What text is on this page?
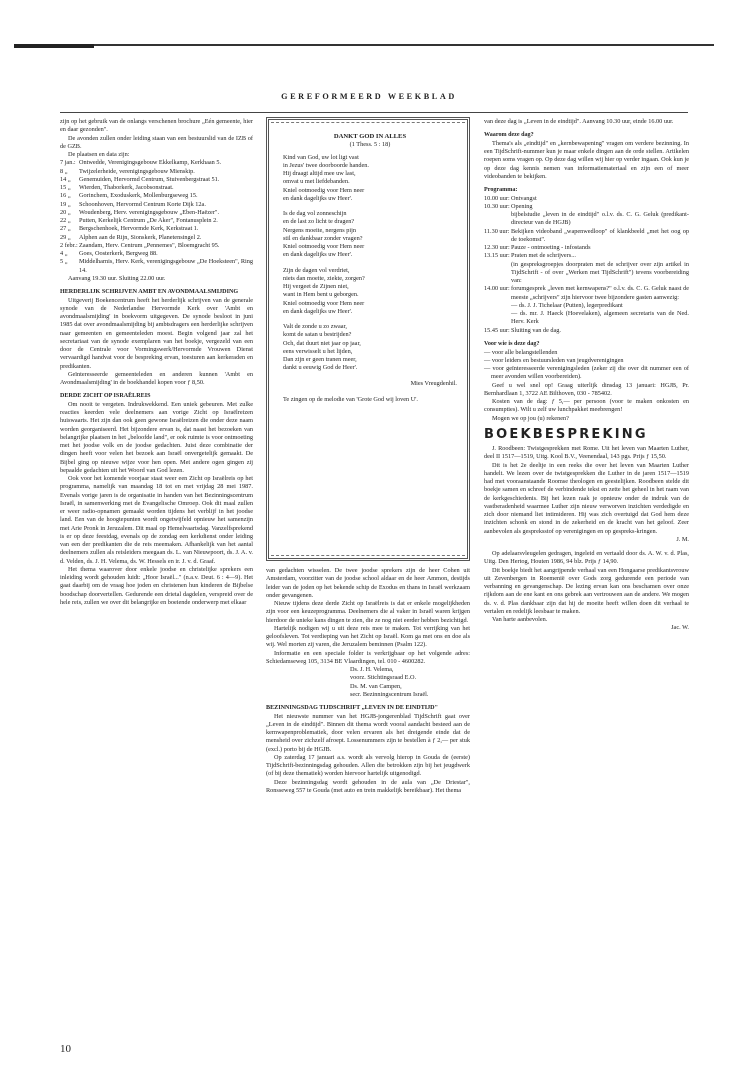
GEREFORMEERD WEEKBLAD

zijn op het gebruik van de onlangs verschenen brochure „Eén gemeente, hier en daar gezonden".

De avonden zullen onder leiding staan van een bestuurslid van de IZB of de GZB.

De plaatsen en data zijn:

7 jan.: Ontwedde, Verenigingsgebouw Ekkelkamp, Kerkhaan 5.
8 „	Twijzelerheide, verenigingsgebouw Mienskip.
14 „	Genemuiden, Hervormd Centrum, Stuivenbergstraat 51.
15 „	Wierden, Thaborkerk, Jacobsonstraat.
16 „	Gorinchem, Exoduskerk, Mollenburgseweg 15.
19 „	Schoonhoven, Hervormd Centrum Korte Dijk 12a.
20 „	Woudenberg, Herv. verenigingsgebouw „Eben-Haëzer".
22 „	Putten, Kerkelijk Centrum „De Aker", Fontanusplein 2.
27 „	Bergschenhoek, Hervormde Kerk, Kerkstraat 1.
29 „	Alphen aan de Rijn, Sionskerk, Planetensingel 2.
2 febr.: Zaandam, Herv. Centrum „Pennemes", Bloemgracht 95.
4 „	Goes, Oosterkerk, Bergweg 88.
5 „	Middelharnis, Herv. Kerk, verenigingsgebouw „De Hoeksteen", Ring 14.

Aanvang 19.30 uur. Sluiting 22.00 uur.

HERDERLIJK SCHRIJVEN AMBT EN AVONDMAALSMIJDING

Uitgeverij Boekencentrum heeft het herderlijk schrijven van de generale synode van de Nederlandse Hervormde Kerk over 'Ambt en avondmaalsmijding' in boekvorm uitgegeven. De synode besloot in juni 1985 dat over avondmaalsmijding bij ambtsdragers een herderlijke schrijven naar gemeenten en gemeenteleden moest. Begin volgend jaar zal het secretariaat van de synode exemplaren van het boekje, vergezeld van een door de Centrale voor Vormingswerk/Hervormde Vrouwen Dienst vervaardigd handvat voor de bespreking ervan, toesturen aan kerkeraden en predikanten.

Geïnteresseerde gemeenteleden en anderen kunnen 'Ambt en Avondmaalsmijding' in de boekhandel kopen voor ƒ 8,50.

DERDE ZICHT OP ISRAËLREIS

Om nooit te vergeten. Indrukwekkend. Een uniek gebeuren. Met zulke reacties keerden vele deelnemers aan vorige Zicht op Israëlreizen huiswaarts. Het zijn dan ook geen gewone Israëlreizen die onder deze naam worden georganiseerd. Het bijzondere ervan is, dat naast het bezoeken van belangrijke plaatsen in het „beloofde land", er ook ruimte is voor ontmoeting met het joodse volk en de joodse gedachten. Juist deze combinatie der dingen heeft voor velen het bezoek aan Israël onvergetelijk gemaakt. De Bijbel ging op nieuwe wijze voor hen open. Met andere ogen gingen zij bepaalde gedachten uit het Woord van God lezen.

Ook voor het komende voorjaar staat weer een Zicht op Israëlreis op het programma, namelijk van maandag 18 tot en met vrijdag 28 mei 1987. Evenals vorige jaren is de organisatie in handen van het Bezinningscentrum Israël, in samenwerking met de Evangelische Omroep. Ook dit maal zullen er weer radio-opnamen gemaakt worden tijdens het verblijf in het joodse land. Een van de hoogtepunten wordt ongetwijfeld opnieuw het samenzijn met Arie Pronk in Jeruzalem. Dit maal op Hemelvaartsdag. Vanzelfsprekend is er op deze feestdag, evenals op de zondag een kerkdienst onder leiding van een der predikanten die de reis meemaken. Afhankelijk van het aantal deelnemers zullen als reisleiders meegaan ds. L. van Nieuwpoort, ds. J. A. v. d. Velden, ds. J. H. Velema, ds. W. Hessels en ir. J. v. d. Graaf.

Het thema waarover door enkele joodse en christelijke sprekers een inleiding wordt gehouden luidt: „Hoor Israël..." (n.a.v. Deut. 6 : 4—9). Het gaat daarbij om de vraag hoe joden en christenen hun kinderen de Bijbelse boodschap doorvertellen. Gedurende een drietal dagdelen, verspreid over de hele reis, zullen we over dit belangrijke en boeiende onderwerp met elkaar

DANKT GOD IN ALLES
(1 Thess. 5 : 18)
Kind van God, uw lot ligt vast
in Jezus' twee doorboorde handen.
Hij draagt altijd mee uw last,
omvat u met liefdebanden.
Kniel ootmoedig voor Hem neer
en dank dagelijks uw Heer'.
Is de dag vol zonneschijn
en de last zo licht te dragen?
Nergens moeite, nergens pijn
stil en dankbaar zonder vragen?
Kniel ootmoedig voor Hem neer
en dank dagelijks uw Heer'.
Zijn de dagen vol verdriet,
niets dan moeite, ziekte, zorgen?
Hij vergeet de Zijnen niet,
want in Hem bent u geborgen.
Kniel ootmoedig voor Hem neer
en dank dagelijks uw Heer'.
Valt de zonde u zo zwaar,
komt de satan u bestrijden?
Och, dat duurt niet jaar op jaar,
eens verwisselt u het lijden,
Dan zijn er geen tranen meer,
dankt u eeuwig God de Heer'.
Mies Vreugdenhil.
Te zingen op de melodie van 'Grote God wij loven U'.

van gedachten wisselen. De twee joodse sprekers zijn de heer Cohen uit Amsterdam, voorzitter van de joodse school aldaar en de heer Ammon, destijds leider van de joden op het bekende schip de Exodus en thans in Israël werkzaam onder gevangenen.

Nieuw tijdens deze derde Zicht op Israëlreis is dat er enkele mogelijkheden zijn voor een keuzeprogramma. Deelnemers die al vaker in Israël waren krijgen hierdoor de unieke kans dingen te zien, die ze nog niet eerder hebben bezichtigd.

Hartelijk nodigen wij u uit deze reis mee te maken. Tot verrijking van het geloofsleven. Tot verdieping van het Zicht op Israël. Kom ga met ons en doe als wij. Wel morten zij varen, die Jeruzalem beminnen (Psalm 122).

Informatie en een speciale folder is verkrijgbaar op het volgende adres: Schiedamseweg 105, 3134 BE Vlaardingen, tel. 010 - 4600282.

Ds. J. H. Velema,
voorz. Stichtingsraad E.O.
Ds. M. van Campen,
secr. Bezinningscentrum Israël.
BEZINNINGSDAG TIJDSCHRIFT „LEVEN IN DE EINDTIJD"

Het nieuwste nummer van het HGJB-jongerenblad TijdSchrift gaat over „Leven in de eindtijd". Binnen dit thema wordt vooral aandacht besteed aan de kernwapenproblematiek, door velen ervaren als het dreigende einde dat de mensheid over zichzelf afroept. Lossenummers zijn te bestellen à ƒ 2,— per stuk (excl.) porto bij de HGJB.

Op zaterdag 17 januari a.s. wordt als vervolg hierop in Gouda de (eerste) TijdSchrift-bezinningsdag gehouden. Allen die betrokken zijn bij het jeugdwerk (of bij deze thematiek) worden hiervoor hartelijk uitgenodigd.

Deze bezinningsdag wordt gehouden in de aula van „De Driestar", Ronsseweg 557 te Gouda (met auto en trein makkelijk bereikbaar). Het thema

van deze dag is „Leven in de eindtijd". Aanvang 10.30 uur, einde 16.00 uur.

Waarom deze dag?

Thema's als „eindtijd" en „kernbewapening" vragen om verdere bezinning. In een TijdSchrift-nummer kun je maar enkele dingen aan de orde stellen. Artikelen roepen soms vragen op. Op deze dag willen wij hier op verder ingaan. Ook kun je op deze dag kennis nemen van informatiemateriaal en zijn een of meer videobanden te bekijken.

Programma:
10.00 uur: Ontvangst
10.30 uur: Opening
bijbelstudie „leven in de eindtijd" o.l.v. ds. C. G. Geluk (predikant-directeur van de HGJB)
11.30 uur: Bekijken videoband „wapenwedloop" of klankbeeld „met het oog op de toekomst".
12.30 uur: Pauze - ontmoeting - infostands
13.15 uur: Praten met de schrijvers...
(in gespreksgroepjes doorpraten met de schrijver over zijn artikel in TijdSchrift - of over „Werken met TijdSchrift") tevens voorbereiding van:
14.00 uur: forumgesprek „leven met kernwapens?" o.l.v. ds. C. G. Geluk naast de meeste „schrijvers" zijn hiervoor twee bijzondere gasten aanwezig:
— ds. J. J. Tichelaar (Putten), legerpredikant
— ds. mr. J. Haeck (Hoevelaken), algemeen secretaris van de Ned. Herv. Kerk
15.45 uur: Sluiting van de dag.
Voor wie is deze dag?
— voor alle belangstellenden
— voor leiders en bestuursleden van jeugdverenigingen
— voor geïnteresseerde verenigingsleden (zeker zij die over dit nummer een of meer avonden willen voorbereiden).

Geef u wel snel op! Graag uiterlijk dinsdag 13 januari: HGJB, Pr. Bernhardlaan 1, 3722 AE Bilthoven, 030 - 785402.

Kosten van de dag: ƒ 5,— per persoon (voor te maken onkosten en consumpties). Wilt u zelf uw lunchpakket meebrengen!

Mogen we op jou (u) rekenen?

BOEKBESPREKING

J. Roodbeen: Twistgesprekken met Rome. Uit het leven van Maarten Luther, deel II 1517—1519, Uitg. Kool B.V., Veenendaal, 143 pgs. Prijs ƒ 15,50.

Dit is het 2e deeltje in een reeks die over het leven van Maarten Luther handelt. We lezen over de twistgesprekken die Luther in de jaren 1517—1519 had met vooraanstaande Roomse theologen en geestelijken. Roodbeen stelde dit boekje samen en schreef de verbindende tekst en zette het geheel in het raam van de kerkgeschiedenis. Bij het lezen raak je opnieuw onder de indruk van de vastberadenheid waarmee Luther zijn nieuw verworven inzichten verdedigde en zich door niemand liet intimideren. Hij was zich overtuigd dat God hem deze inzichten schonk en stond in de zekerheid en de kracht van het geloof. Zeer aanbevolen als gespreksstof op verenigingen en op gespreks-kringen.

J. M.

Op adelaarsvleugelen gedragen, ingeleid en vertaald door ds. A. W. v. d. Plas, Uitg. Den Hertog, Houten 1986, 94 blz. Prijs ƒ 14,90.

Dit boekje biedt het aangrijpende verhaal van een Hongaarse predikantsvrouw uit Zevenbergen in Roemenië over Gods zorg gedurende een periode van verbanning en gevangenschap. De lezing ervan kan ons beschamen over onze rijkdom aan de ene kant en ons gebrek aan vertrouwen aan de andere. We mogen ds. v. d. Plas dankbaar zijn dat hij de moeite heeft willen doen dit verhaal te vertalen en redelijk leesbaar te maken.

Van harte aanbevolen.

Jac. W.
10
